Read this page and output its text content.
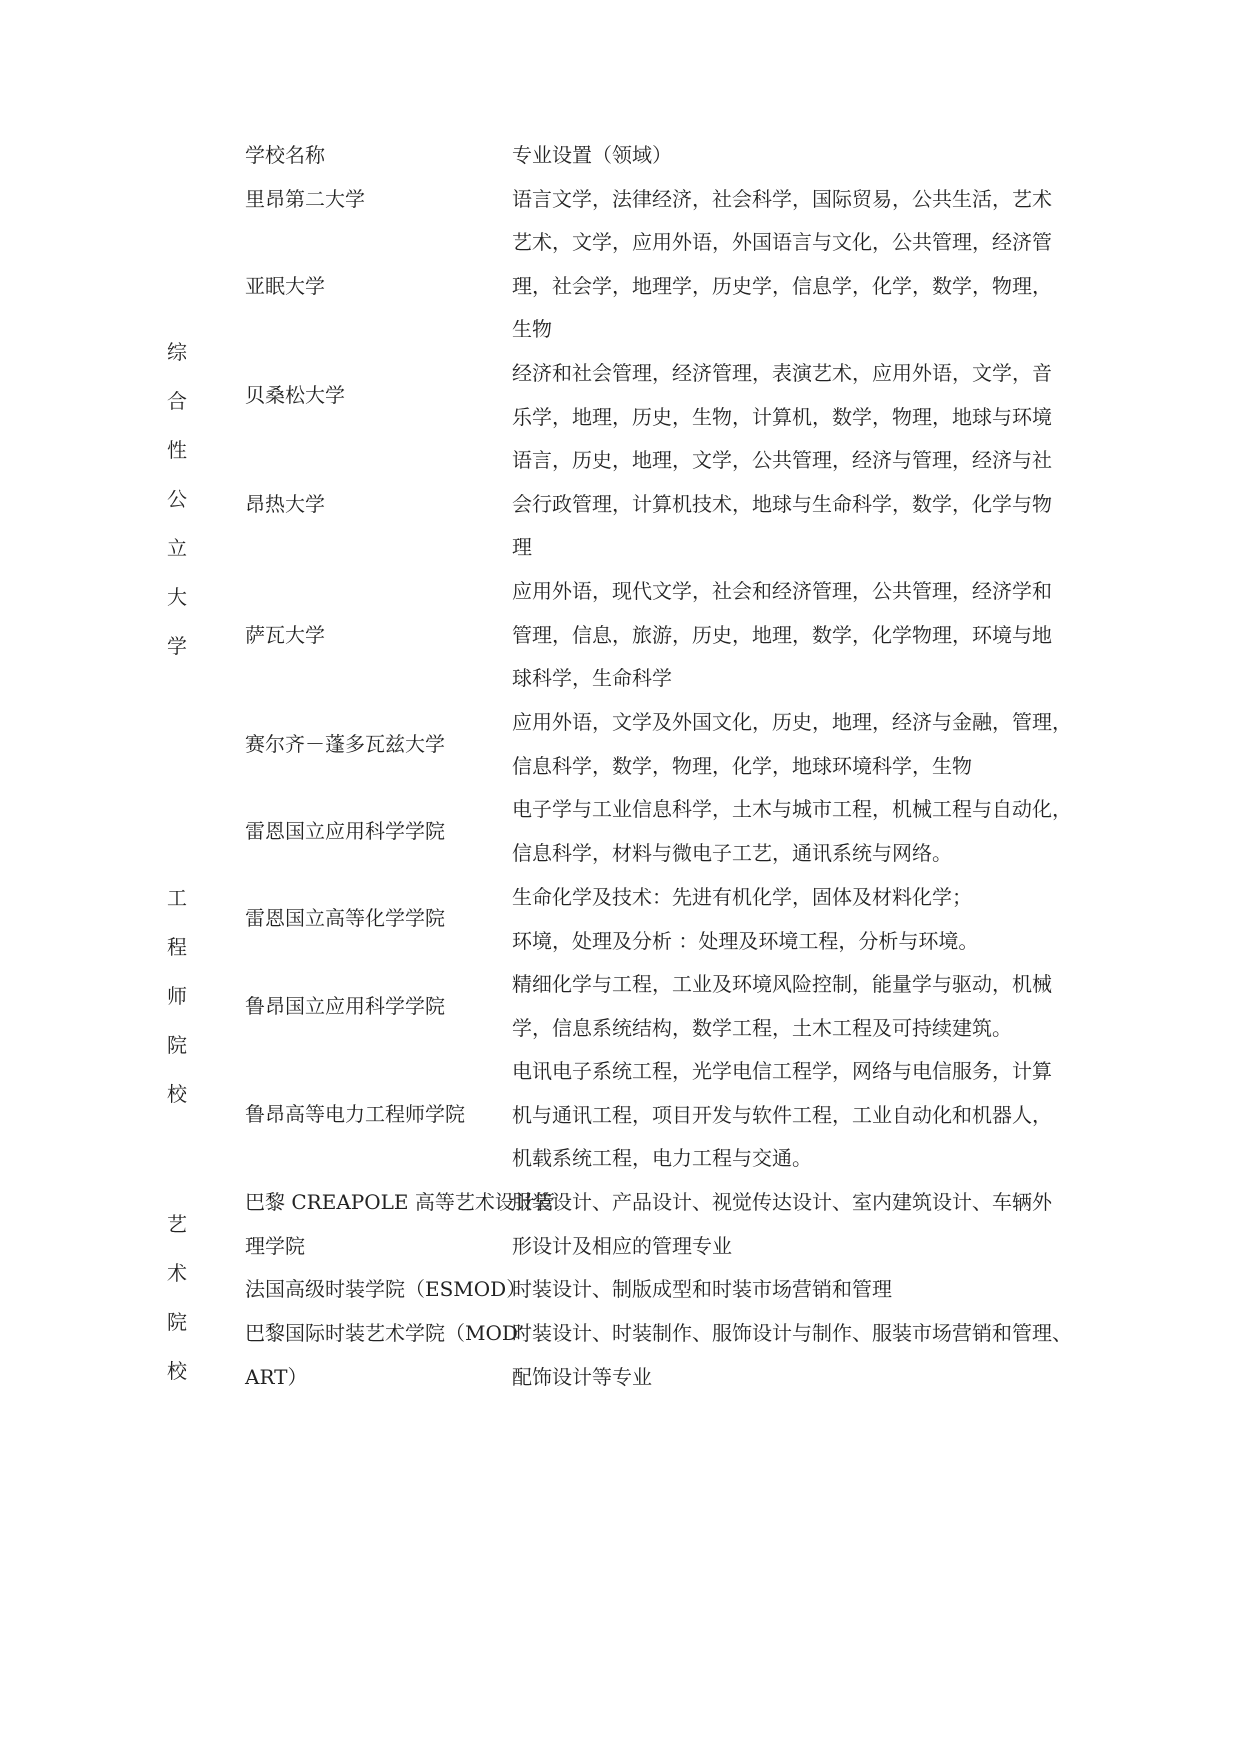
学校名称	专业设置（领域）
综
合
性
公
立
大
学
工
程
师
院
校
艺
术
院
校
里昂第二大学	语言文学，法律经济，社会科学，国际贸易，公共生活，艺术
亚眠大学
艺术，文学，应用外语，外国语言与文化，公共管理，经济管
理，社会学，地理学，历史学，信息学，化学，数学，物理，
生物
贝桑松大学
经济和社会管理，经济管理，表演艺术，应用外语，文学，音
乐学，地理，历史，生物，计算机，数学，物理，地球与环境
昂热大学
语言，历史，地理，文学，公共管理，经济与管理，经济与社
会行政管理，计算机技术，地球与生命科学，数学，化学与物
理
萨瓦大学
应用外语，现代文学，社会和经济管理，公共管理，经济学和
管理，信息，旅游，历史，地理，数学，化学物理，环境与地
球科学，生命科学
赛尔齐－蓬多瓦兹大学
应用外语，文学及外国文化，历史，地理，经济与金融，管理，
信息科学，数学，物理，化学，地球环境科学，生物
雷恩国立应用科学学院
电子学与工业信息科学，土木与城市工程，机械工程与自动化，
信息科学，材料与微电子工艺，通讯系统与网络。
雷恩国立高等化学学院
生命化学及技术：先进有机化学，固体及材料化学；
环境，处理及分析 ：处理及环境工程，分析与环境。
鲁昂国立应用科学学院
精细化学与工程，工业及环境风险控制，能量学与驱动，机械
学，信息系统结构，数学工程，土木工程及可持续建筑。
鲁昂高等电力工程师学院
电讯电子系统工程，光学电信工程学，网络与电信服务，计算
机与通讯工程，项目开发与软件工程，工业自动化和机器人，
机载系统工程，电力工程与交通。
巴黎 CREAPOLE 高等艺术设计管
理学院
服装设计、产品设计、视觉传达设计、室内建筑设计、车辆外
形设计及相应的管理专业
法国高级时装学院（ESMOD）
时装设计、制版成型和时装市场营销和管理
巴黎国际时装艺术学院（MOD’
ART）
时装设计、时装制作、服饰设计与制作、服装市场营销和管理、
配饰设计等专业
